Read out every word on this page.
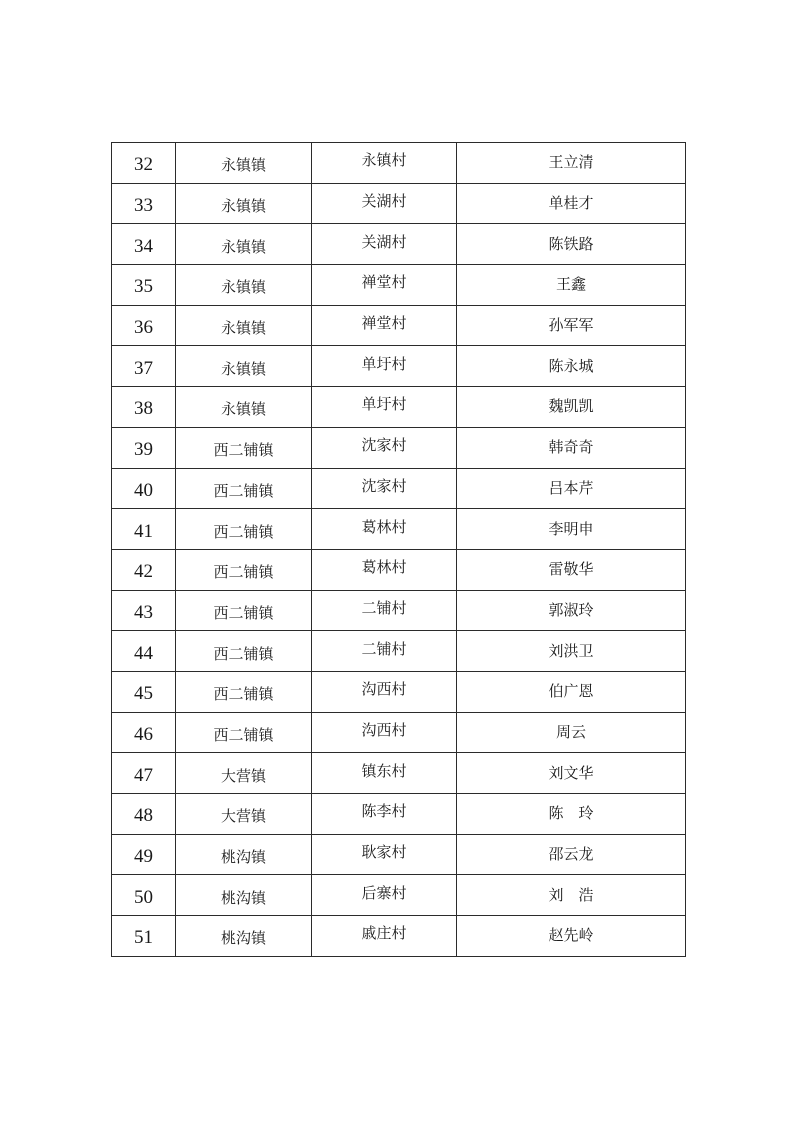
32	永镇镇	永镇村	王立清
33	永镇镇	关湖村	单桂才
34	永镇镇	关湖村	陈铁路
35	永镇镇	禅堂村	王鑫
36	永镇镇	禅堂村	孙军军
37	永镇镇	单圩村	陈永城
38	永镇镇	单圩村	魏凯凯
39	西二铺镇	沈家村	韩奇奇
40	西二铺镇	沈家村	吕本芹
41	西二铺镇	葛林村	李明申
42	西二铺镇	葛林村	雷敬华
43	西二铺镇	二铺村	郭淑玲
44	西二铺镇	二铺村	刘洪卫
45	西二铺镇	沟西村	伯广恩
46	西二铺镇	沟西村	周云
47	大营镇	镇东村	刘文华
48	大营镇	陈李村	陈　玲
49	桃沟镇	耿家村	邵云龙
50	桃沟镇	后寨村	刘　浩
51	桃沟镇	戚庄村	赵先岭
